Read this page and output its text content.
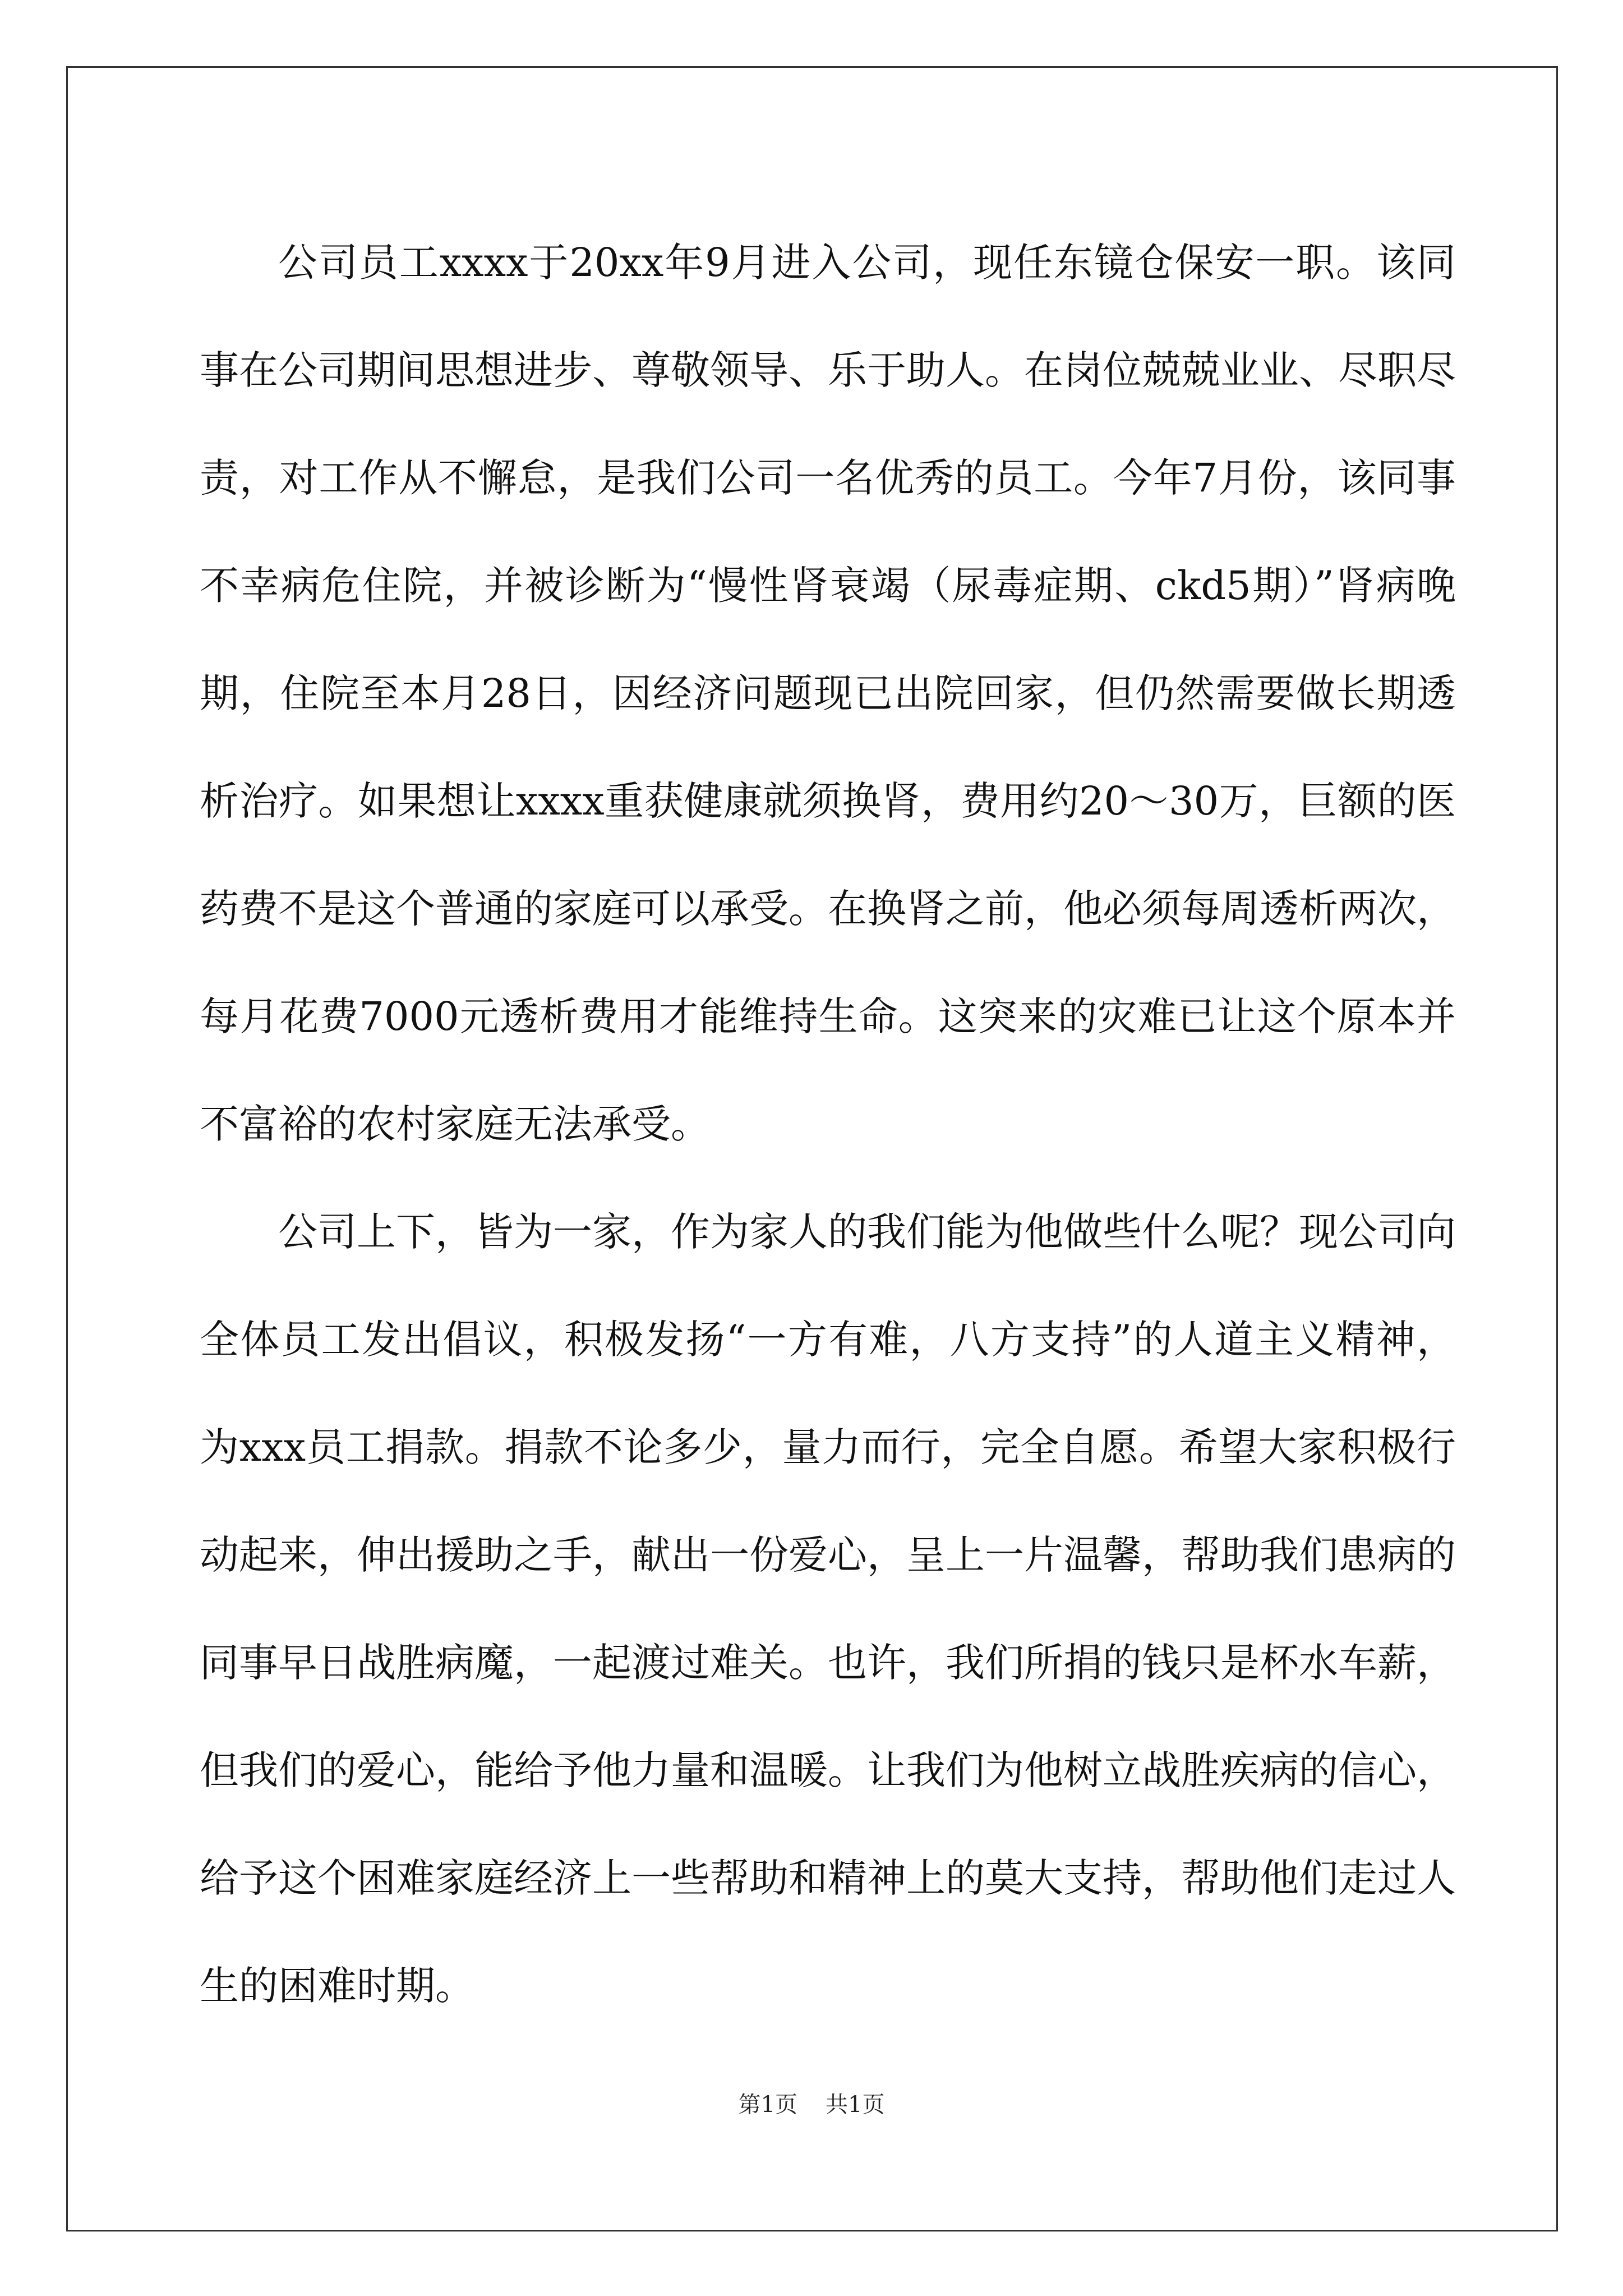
公司员工xxxx于20xx年9月进入公司，现任东镜仓保安一职。该同事在公司期间思想进步、尊敬领导、乐于助人。在岗位兢兢业业、尽职尽责，对工作从不懈怠，是我们公司一名优秀的员工。今年7月份，该同事不幸病危住院，并被诊断为“慢性肾衰竭（尿毒症期、ckd5期）”肾病晚期，住院至本月28日，因经济问题现已出院回家，但仍然需要做长期透析治疗。如果想让xxxx重获健康就须换肾，费用约20～30万，巨额的医药费不是这个普通的家庭可以承受。在换肾之前，他必须每周透析两次，每月花费7000元透析费用才能维持生命。这突来的灾难已让这个原本并不富裕的农村家庭无法承受。

公司上下，皆为一家，作为家人的我们能为他做些什么呢？现公司向全体员工发出倡议，积极发扬“一方有难，八方支持”的人道主义精神，为xxx员工捐款。捐款不论多少，量力而行，完全自愿。希望大家积极行动起来，伸出援助之手，献出一份爱心，呈上一片温馨，帮助我们患病的同事早日战胜病魔，一起渡过难关。也许，我们所捐的钱只是杯水车薪，但我们的爱心，能给予他力量和温暖。让我们为他树立战胜疾病的信心，给予这个困难家庭经济上一些帮助和精神上的莫大支持，帮助他们走过人生的困难时期。

第1页 共1页
